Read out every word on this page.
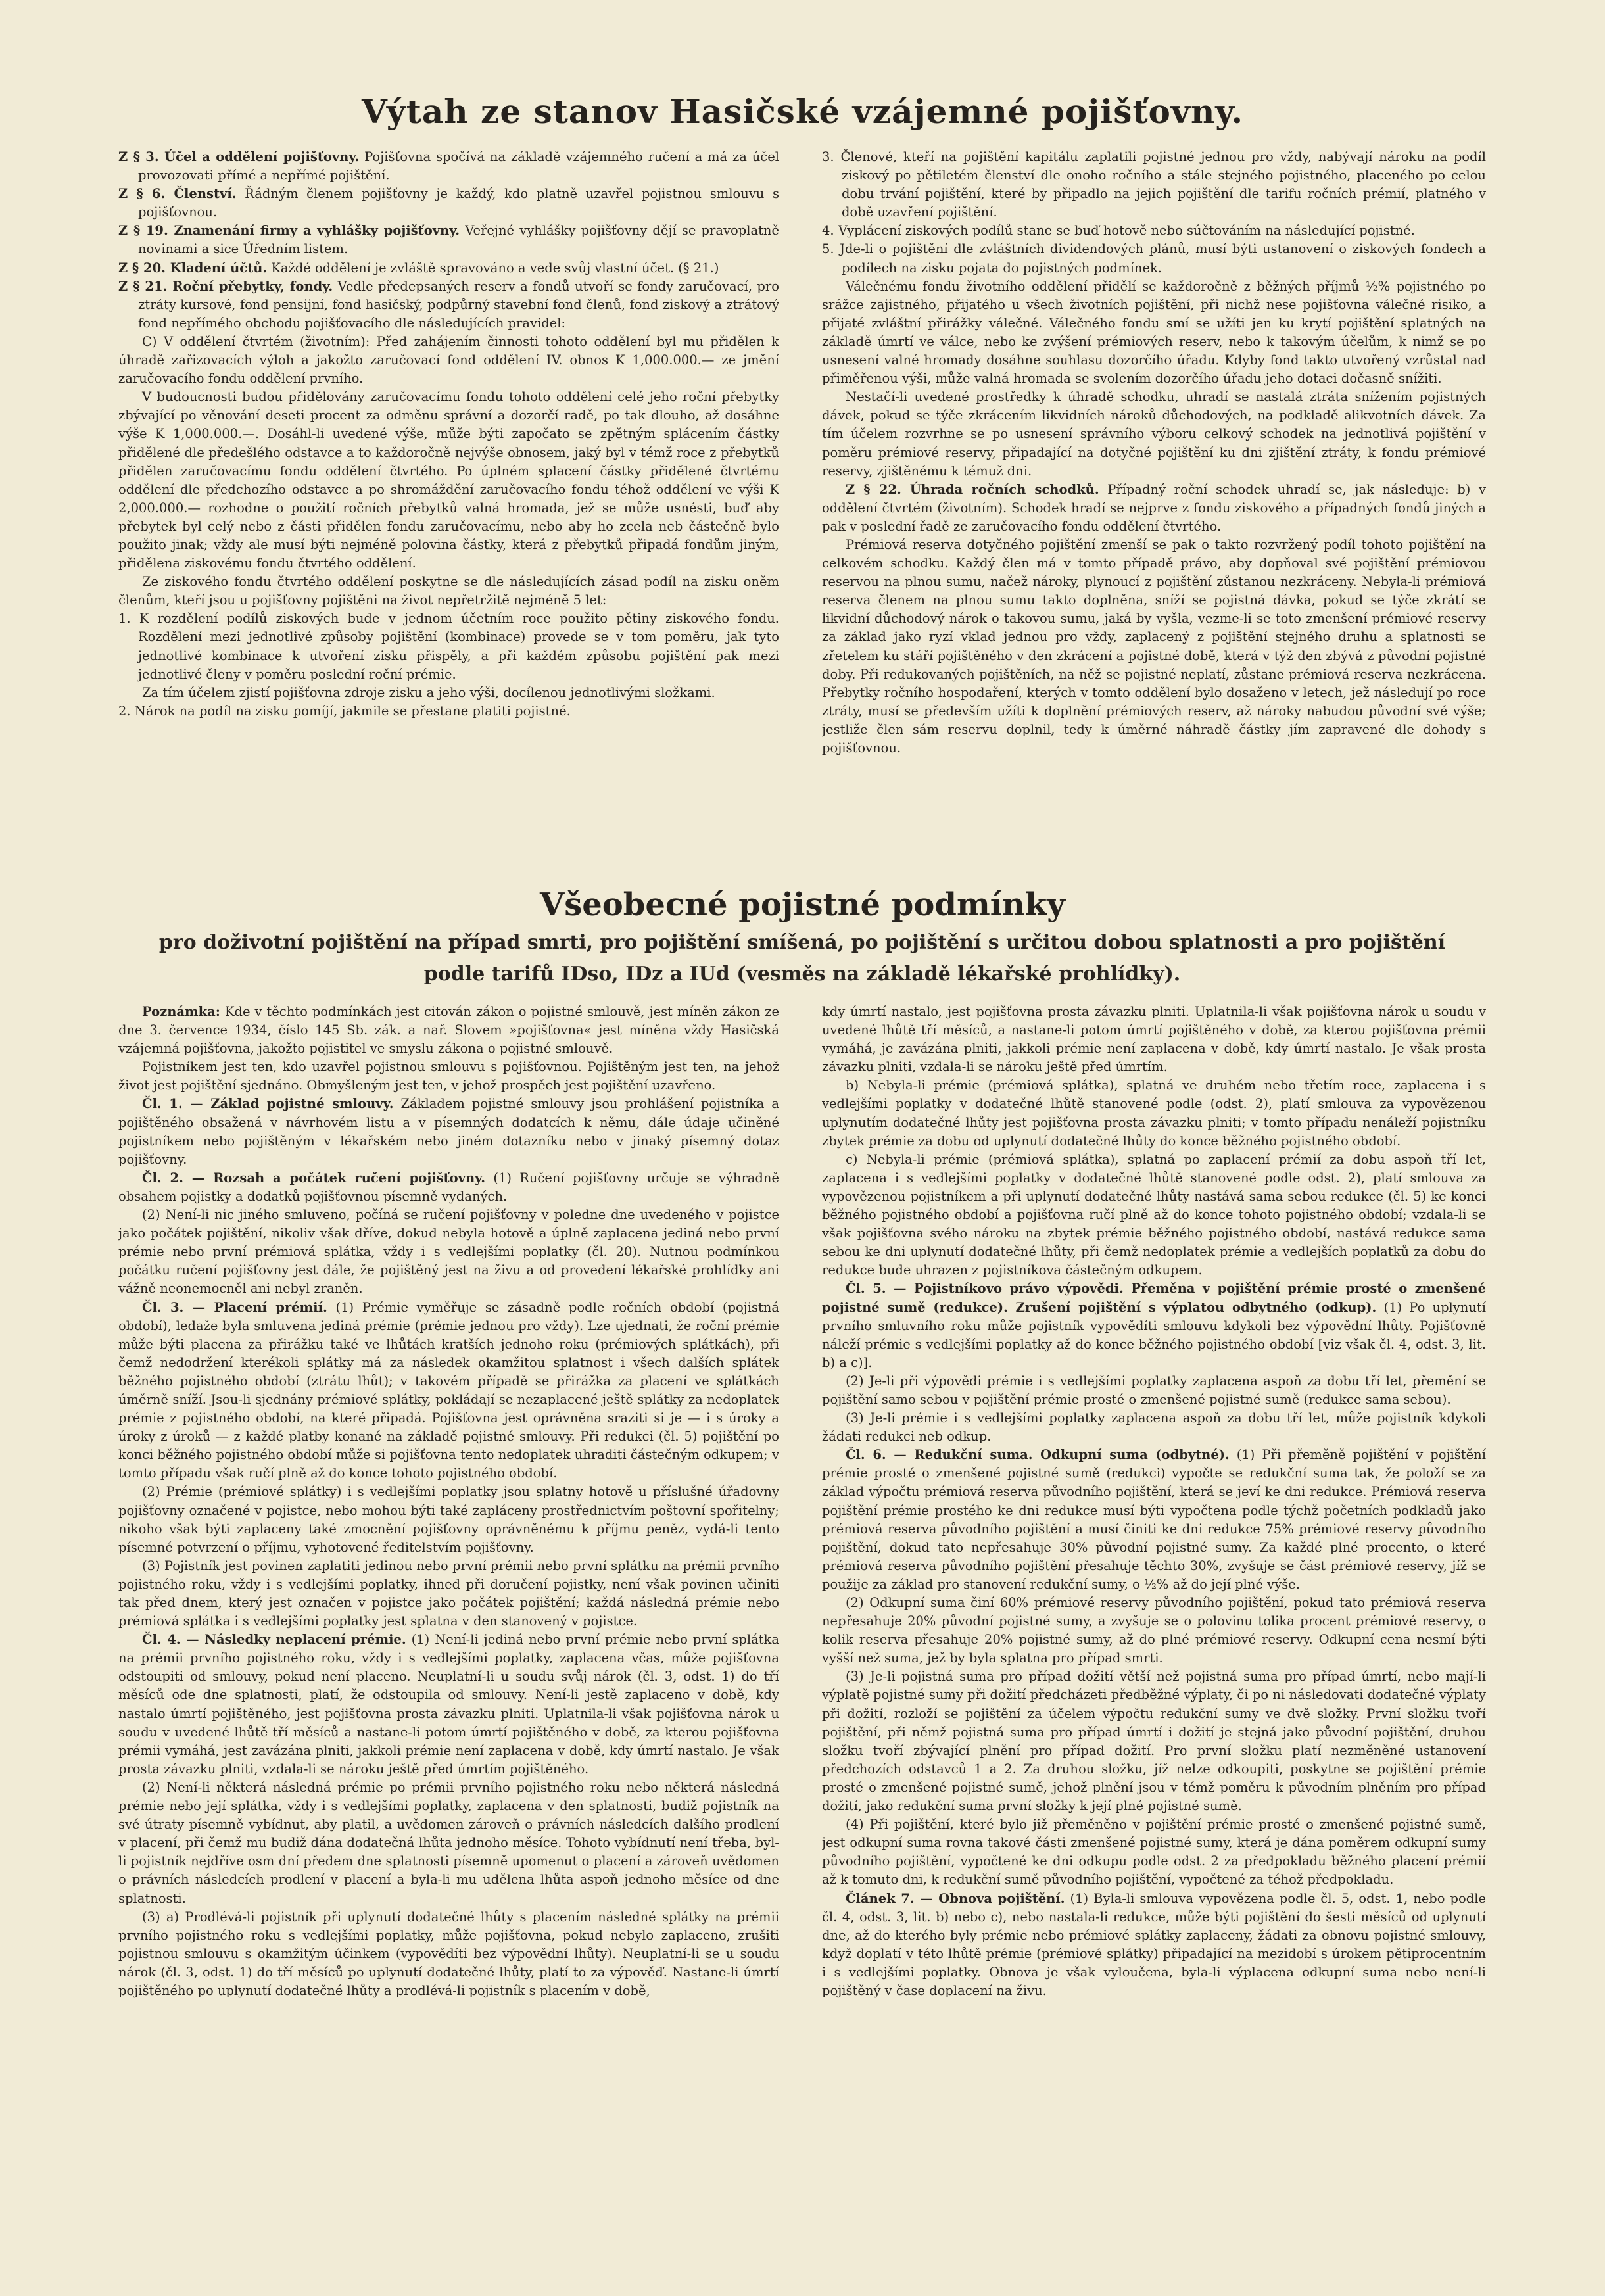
Výtah ze stanov Hasičské vzájemné pojišťovny.

Z § 3. Účel a oddělení pojišťovny. Pojišťovna spočívá na základě vzájemného ručení a má za účel provozovati přímé a nepřímé pojištění.

Z § 6. Členství. Řádným členem pojišťovny je každý, kdo platně uzavřel pojistnou smlouvu s pojišťovnou.

Z § 19. Znamenání firmy a vyhlášky pojišťovny. Veřejné vyhlášky pojišťovny dějí se pravoplatně novinami a sice Úředním listem.

Z § 20. Kladení účtů. Každé oddělení je zvláště spravováno a vede svůj vlastní účet. (§ 21.)

Z § 21. Roční přebytky, fondy. Vedle předepsaných reserv a fondů utvoří se fondy zaručovací, pro ztráty kursové, fond pensijní, fond hasičský, podpůrný stavební fond členů, fond ziskový a ztrátový fond nepřímého obchodu pojišťovacího dle následujících pravidel:

C) V oddělení čtvrtém (životním): Před zahájením činnosti tohoto oddělení byl mu přidělen k úhradě zařizovacích výloh a jakožto zaručovací fond oddělení IV. obnos K 1,000.000.— ze jmění zaručovacího fondu oddělení prvního.

V budoucnosti budou přidělovány zaručovacímu fondu tohoto oddělení celé jeho roční přebytky zbývající po věnování deseti procent za odměnu správní a dozorčí radě, po tak dlouho, až dosáhne výše K 1,000.000.—. Dosáhl-li uvedené výše, může býti započato se zpětným splácením částky přidělené dle předešlého odstavce a to každoročně nejvýše obnosem, jaký byl v témž roce z přebytků přidělen zaručovacímu fondu oddělení čtvrtého. Po úplném splacení částky přidělené čtvrtému oddělení dle předchozího odstavce a po shromáždění zaručovacího fondu téhož oddělení ve výši K 2,000.000.— rozhodne o použití ročních přebytků valná hromada, jež se může usnésti, buď aby přebytek byl celý nebo z části přidělen fondu zaručovacímu, nebo aby ho zcela neb částečně bylo použito jinak; vždy ale musí býti nejméně polovina částky, která z přebytků připadá fondům jiným, přidělena ziskovému fondu čtvrtého oddělení.

Ze ziskového fondu čtvrtého oddělení poskytne se dle následujících zásad podíl na zisku oněm členům, kteří jsou u pojišťovny pojištěni na život nepřetržitě nejméně 5 let:

1. K rozdělení podílů ziskových bude v jednom účetním roce použito pětiny ziskového fondu. Rozdělení mezi jednotlivé způsoby pojištění (kombinace) provede se v tom poměru, jak tyto jednotlivé kombinace k utvoření zisku přispěly, a při každém způsobu pojištění pak mezi jednotlivé členy v poměru poslední roční prémie.

Za tím účelem zjistí pojišťovna zdroje zisku a jeho výši, docílenou jednotlivými složkami.

2. Nárok na podíl na zisku pomíjí, jakmile se přestane platiti pojistné.

3. Členové, kteří na pojištění kapitálu zaplatili pojistné jednou pro vždy, nabývají nároku na podíl ziskový po pětiletém členství dle onoho ročního a stále stejného pojistného, placeného po celou dobu trvání pojištění, které by připadlo na jejich pojištění dle tarifu ročních prémií, platného v době uzavření pojištění.

4. Vyplácení ziskových podílů stane se buď hotově nebo súčtováním na následující pojistné.

5. Jde-li o pojištění dle zvláštních dividendových plánů, musí býti ustanovení o ziskových fondech a podílech na zisku pojata do pojistných podmínek.

Válečnému fondu životního oddělení přidělí se každoročně z běžných příjmů ½% pojistného po srážce zajistného, přijatého u všech životních pojištění, při nichž nese pojišťovna válečné risiko, a přijaté zvláštní přirážky válečné. Válečného fondu smí se užíti jen ku krytí pojištění splatných na základě úmrtí ve válce, nebo ke zvýšení prémiových reserv, nebo k takovým účelům, k nimž se po usnesení valné hromady dosáhne souhlasu dozorčího úřadu. Kdyby fond takto utvořený vzrůstal nad přiměřenou výši, může valná hromada se svolením dozorčího úřadu jeho dotaci dočasně snížiti.

Nestačí-li uvedené prostředky k úhradě schodku, uhradí se nastalá ztráta snížením pojistných dávek, pokud se týče zkrácením likvidních nároků důchodových, na podkladě alikvotních dávek. Za tím účelem rozvrhne se po usnesení správního výboru celkový schodek na jednotlivá pojištění v poměru prémiové reservy, připadající na dotyčné pojištění ku dni zjištění ztráty, k fondu prémiové reservy, zjištěnému k témuž dni.

Z § 22. Úhrada ročních schodků. Případný roční schodek uhradí se, jak následuje: b) v oddělení čtvrtém (životním). Schodek hradí se nejprve z fondu ziskového a případných fondů jiných a pak v poslední řadě ze zaručovacího fondu oddělení čtvrtého.

Prémiová reserva dotyčného pojištění zmenší se pak o takto rozvržený podíl tohoto pojištění na celkovém schodku. Každý člen má v tomto případě právo, aby dopňoval své pojištění prémiovou reservou na plnou sumu, načež nároky, plynoucí z pojištění zůstanou nezkráceny. Nebyla-li prémiová reserva členem na plnou sumu takto doplněna, sníží se pojistná dávka, pokud se týče zkrátí se likvidní důchodový nárok o takovou sumu, jaká by vyšla, vezme-li se toto zmenšení prémiové reservy za základ jako ryzí vklad jednou pro vždy, zaplacený z pojištění stejného druhu a splatnosti se zřetelem ku stáří pojištěného v den zkrácení a pojistné době, která v týž den zbývá z původní pojistné doby. Při redukovaných pojištěních, na něž se pojistné neplatí, zůstane prémiová reserva nezkrácena. Přebytky ročního hospodaření, kterých v tomto oddělení bylo dosaženo v letech, jež následují po roce ztráty, musí se především užíti k doplnění prémiových reserv, až nároky nabudou původní své výše; jestliže člen sám reservu doplnil, tedy k úměrné náhradě částky jím zapravené dle dohody s pojišťovnou.

Všeobecné pojistné podmínky

pro doživotní pojištění na případ smrti, pro pojištění smíšená, po pojištění s určitou dobou splatnosti a pro pojištění podle tarifů IDso, IDz a IUd (vesměs na základě lékařské prohlídky).

Poznámka: Kde v těchto podmínkách jest citován zákon o pojistné smlouvě, jest míněn zákon ze dne 3. července 1934, číslo 145 Sb. zák. a nař. Slovem »pojišťovna« jest míněna vždy Hasičská vzájemná pojišťovna, jakožto pojistitel ve smyslu zákona o pojistné smlouvě.

Pojistníkem jest ten, kdo uzavřel pojistnou smlouvu s pojišťovnou. Pojištěným jest ten, na jehož život jest pojištění sjednáno. Obmyšleným jest ten, v jehož prospěch jest pojištění uzavřeno.

Čl. 1. — Základ pojistné smlouvy. Základem pojistné smlouvy jsou prohlášení pojistníka a pojištěného obsažená v návrhovém listu a v písemných dodatcích k němu, dále údaje učiněné pojistníkem nebo pojištěným v lékařském nebo jiném dotazníku nebo v jinaký písemný dotaz pojišťovny.

Čl. 2. — Rozsah a počátek ručení pojišťovny. (1) Ručení pojišťovny určuje se výhradně obsahem pojistky a dodatků pojišťovnou písemně vydaných.

(2) Není-li nic jiného smluveno, počíná se ručení pojišťovny v poledne dne uvedeného v pojistce jako počátek pojištění, nikoliv však dříve, dokud nebyla hotově a úplně zaplacena jediná nebo první prémie nebo první prémiová splátka, vždy i s vedlejšími poplatky (čl. 20). Nutnou podmínkou počátku ručení pojišťovny jest dále, že pojištěný jest na živu a od provedení lékařské prohlídky ani vážně neonemocněl ani nebyl zraněn.

Čl. 3. — Placení prémií. (1) Prémie vyměřuje se zásadně podle ročních období (pojistná období), ledaže byla smluvena jediná prémie (prémie jednou pro vždy). Lze ujednati, že roční prémie může býti placena za přirážku také ve lhůtách kratších jednoho roku (prémiových splátkách), při čemž nedodržení kterékoli splátky má za následek okamžitou splatnost i všech dalších splátek běžného pojistného období (ztrátu lhůt); v takovém případě se přirážka za placení ve splátkách úměrně sníží. Jsou-li sjednány prémiové splátky, pokládají se nezaplacené ještě splátky za nedoplatek prémie z pojistného období, na které připadá. Pojišťovna jest oprávněna sraziti si je — i s úroky a úroky z úroků — z každé platby konané na základě pojistné smlouvy. Při redukci (čl. 5) pojištění po konci běžného pojistného období může si pojišťovna tento nedoplatek uhraditi částečným odkupem; v tomto případu však ručí plně až do konce tohoto pojistného období.

(2) Prémie (prémiové splátky) i s vedlejšími poplatky jsou splatny hotově u příslušné úřadovny pojišťovny označené v pojistce, nebo mohou býti také zapláceny prostřednictvím poštovní spořitelny; nikoho však býti zaplaceny také zmocnění pojišťovny oprávněnému k příjmu peněz, vydá-li tento písemné potvrzení o příjmu, vyhotovené ředitelstvím pojišťovny.

(3) Pojistník jest povinen zaplatiti jedinou nebo první prémii nebo první splátku na prémii prvního pojistného roku, vždy i s vedlejšími poplatky, ihned při doručení pojistky, není však povinen učiniti tak před dnem, který jest označen v pojistce jako počátek pojištění; každá následná prémie nebo prémiová splátka i s vedlejšími poplatky jest splatna v den stanovený v pojistce.

Čl. 4. — Následky neplacení prémie. (1) Není-li jediná nebo první prémie nebo první splátka na prémii prvního pojistného roku, vždy i s vedlejšími poplatky, zaplacena včas, může pojišťovna odstoupiti od smlouvy, pokud není placeno. Neuplatní-li u soudu svůj nárok (čl. 3, odst. 1) do tří měsíců ode dne splatnosti, platí, že odstoupila od smlouvy. Není-li jestě zaplaceno v době, kdy nastalo úmrtí pojištěného, jest pojišťovna prosta závazku plniti. Uplatnila-li však pojišťovna nárok u soudu v uvedené lhůtě tří měsíců a nastane-li potom úmrtí pojištěného v době, za kterou pojišťovna prémii vymáhá, jest zavázána plniti, jakkoli prémie není zaplacena v době, kdy úmrtí nastalo. Je však prosta závazku plniti, vzdala-li se nároku ještě před úmrtím pojištěného.

(2) Není-li některá následná prémie po prémii prvního pojistného roku nebo některá následná prémie nebo její splátka, vždy i s vedlejšími poplatky, zaplacena v den splatnosti, budiž pojistník na své útraty písemně vybídnut, aby platil, a uvědomen zároveň o právních následcích dalšího prodlení v placení, při čemž mu budiž dána dodatečná lhůta jednoho měsíce. Tohoto vybídnutí není třeba, byl-li pojistník nejdříve osm dní předem dne splatnosti písemně upomenut o placení a zároveň uvědomen o právních následcích prodlení v placení a byla-li mu udělena lhůta aspoň jednoho měsíce od dne splatnosti.

(3) a) Prodlévá-li pojistník při uplynutí dodatečné lhůty s placením následné splátky na prémii prvního pojistného roku s vedlejšími poplatky, může pojišťovna, pokud nebylo zaplaceno, zrušiti pojistnou smlouvu s okamžitým účinkem (vypovědíti bez výpovědní lhůty). Neuplatní-li se u soudu nárok (čl. 3, odst. 1) do tří měsíců po uplynutí dodatečné lhůty, platí to za výpověď. Nastane-li úmrtí pojištěného po uplynutí dodatečné lhůty a prodlévá-li pojistník s placením v době,

kdy úmrtí nastalo, jest pojišťovna prosta závazku plniti. Uplatnila-li však pojišťovna nárok u soudu v uvedené lhůtě tří měsíců, a nastane-li potom úmrtí pojištěného v době, za kterou pojišťovna prémii vymáhá, je zavázána plniti, jakkoli prémie není zaplacena v době, kdy úmrtí nastalo. Je však prosta závazku plniti, vzdala-li se nároku ještě před úmrtím.

b) Nebyla-li prémie (prémiová splátka), splatná ve druhém nebo třetím roce, zaplacena i s vedlejšími poplatky v dodatečné lhůtě stanovené podle (odst. 2), platí smlouva za vypovězenou uplynutím dodatečné lhůty jest pojišťovna prosta závazku plniti; v tomto případu nenáleží pojistníku zbytek prémie za dobu od uplynutí dodatečné lhůty do konce běžného pojistného období.

c) Nebyla-li prémie (prémiová splátka), splatná po zaplacení prémií za dobu aspoň tří let, zaplacena i s vedlejšími poplatky v dodatečné lhůtě stanovené podle odst. 2), platí smlouva za vypovězenou pojistníkem a při uplynutí dodatečné lhůty nastává sama sebou redukce (čl. 5) ke konci běžného pojistného období a pojišťovna ručí plně až do konce tohoto pojistného období; vzdala-li se však pojišťovna svého nároku na zbytek prémie běžného pojistného období, nastává redukce sama sebou ke dni uplynutí dodatečné lhůty, při čemž nedoplatek prémie a vedlejších poplatků za dobu do redukce bude uhrazen z pojistníkova částečným odkupem.

Čl. 5. — Pojistníkovo právo výpovědi. Přeměna v pojištění prémie prosté o zmenšené pojistné sumě (redukce). Zrušení pojištění s výplatou odbytného (odkup). (1) Po uplynutí prvního smluvního roku může pojistník vypovědíti smlouvu kdykoli bez výpovědní lhůty. Pojišťovně náleží prémie s vedlejšími poplatky až do konce běžného pojistného období [viz však čl. 4, odst. 3, lit. b) a c)].

(2) Je-li při výpovědi prémie i s vedlejšími poplatky zaplacena aspoň za dobu tří let, přemění se pojištění samo sebou v pojištění prémie prosté o zmenšené pojistné sumě (redukce sama sebou).

(3) Je-li prémie i s vedlejšími poplatky zaplacena aspoň za dobu tří let, může pojistník kdykoli žádati redukci neb odkup.

Čl. 6. — Redukční suma. Odkupní suma (odbytné). (1) Při přeměně pojištění v pojištění prémie prosté o zmenšené pojistné sumě (redukci) vypočte se redukční suma tak, že položí se za základ výpočtu prémiová reserva původního pojištění, která se jeví ke dni redukce. Prémiová reserva pojištění prémie prostého ke dni redukce musí býti vypočtena podle týchž početních podkladů jako prémiová reserva původního pojištění a musí činiti ke dni redukce 75% prémiové reservy původního pojištění, dokud tato nepřesahuje 30% původní pojistné sumy. Za každé plné procento, o které prémiová reserva původního pojištění přesahuje těchto 30%, zvyšuje se část prémiové reservy, jíž se použije za základ pro stanovení redukční sumy, o ½% až do její plné výše.

(2) Odkupní suma činí 60% prémiové reservy původního pojištění, pokud tato prémiová reserva nepřesahuje 20% původní pojistné sumy, a zvyšuje se o polovinu tolika procent prémiové reservy, o kolik reserva přesahuje 20% pojistné sumy, až do plné prémiové reservy. Odkupní cena nesmí býti vyšší než suma, jež by byla splatna pro případ smrti.

(3) Je-li pojistná suma pro případ dožití větší než pojistná suma pro případ úmrtí, nebo mají-li výplatě pojistné sumy při dožití předcházeti předběžné výplaty, či po ni následovati dodatečné výplaty při dožití, rozloží se pojištění za účelem výpočtu redukční sumy ve dvě složky. První složku tvoří pojištění, při němž pojistná suma pro případ úmrtí i dožití je stejná jako původní pojištění, druhou složku tvoří zbývající plnění pro případ dožití. Pro první složku platí nezměněné ustanovení předchozích odstavců 1 a 2. Za druhou složku, jíž nelze odkoupiti, poskytne se pojištění prémie prosté o zmenšené pojistné sumě, jehož plnění jsou v témž poměru k původním plněním pro případ dožití, jako redukční suma první složky k její plné pojistné sumě.

(4) Při pojištění, které bylo již přeměněno v pojištění prémie prosté o zmenšené pojistné sumě, jest odkupní suma rovna takové části zmenšené pojistné sumy, která je dána poměrem odkupní sumy původního pojištění, vypočtené ke dni odkupu podle odst. 2 za předpokladu běžného placení prémií až k tomuto dni, k redukční sumě původního pojištění, vypočtené za téhož předpokladu.

Článek 7. — Obnova pojištění. (1) Byla-li smlouva vypovězena podle čl. 5, odst. 1, nebo podle čl. 4, odst. 3, lit. b) nebo c), nebo nastala-li redukce, může býti pojištění do šesti měsíců od uplynutí dne, až do kterého byly prémie nebo prémiové splátky zaplaceny, žádati za obnovu pojistné smlouvy, když doplatí v této lhůtě prémie (prémiové splátky) připadající na mezidobí s úrokem pětiprocentním i s vedlejšími poplatky. Obnova je však vyloučena, byla-li výplacena odkupní suma nebo není-li pojištěný v čase doplacení na živu.
